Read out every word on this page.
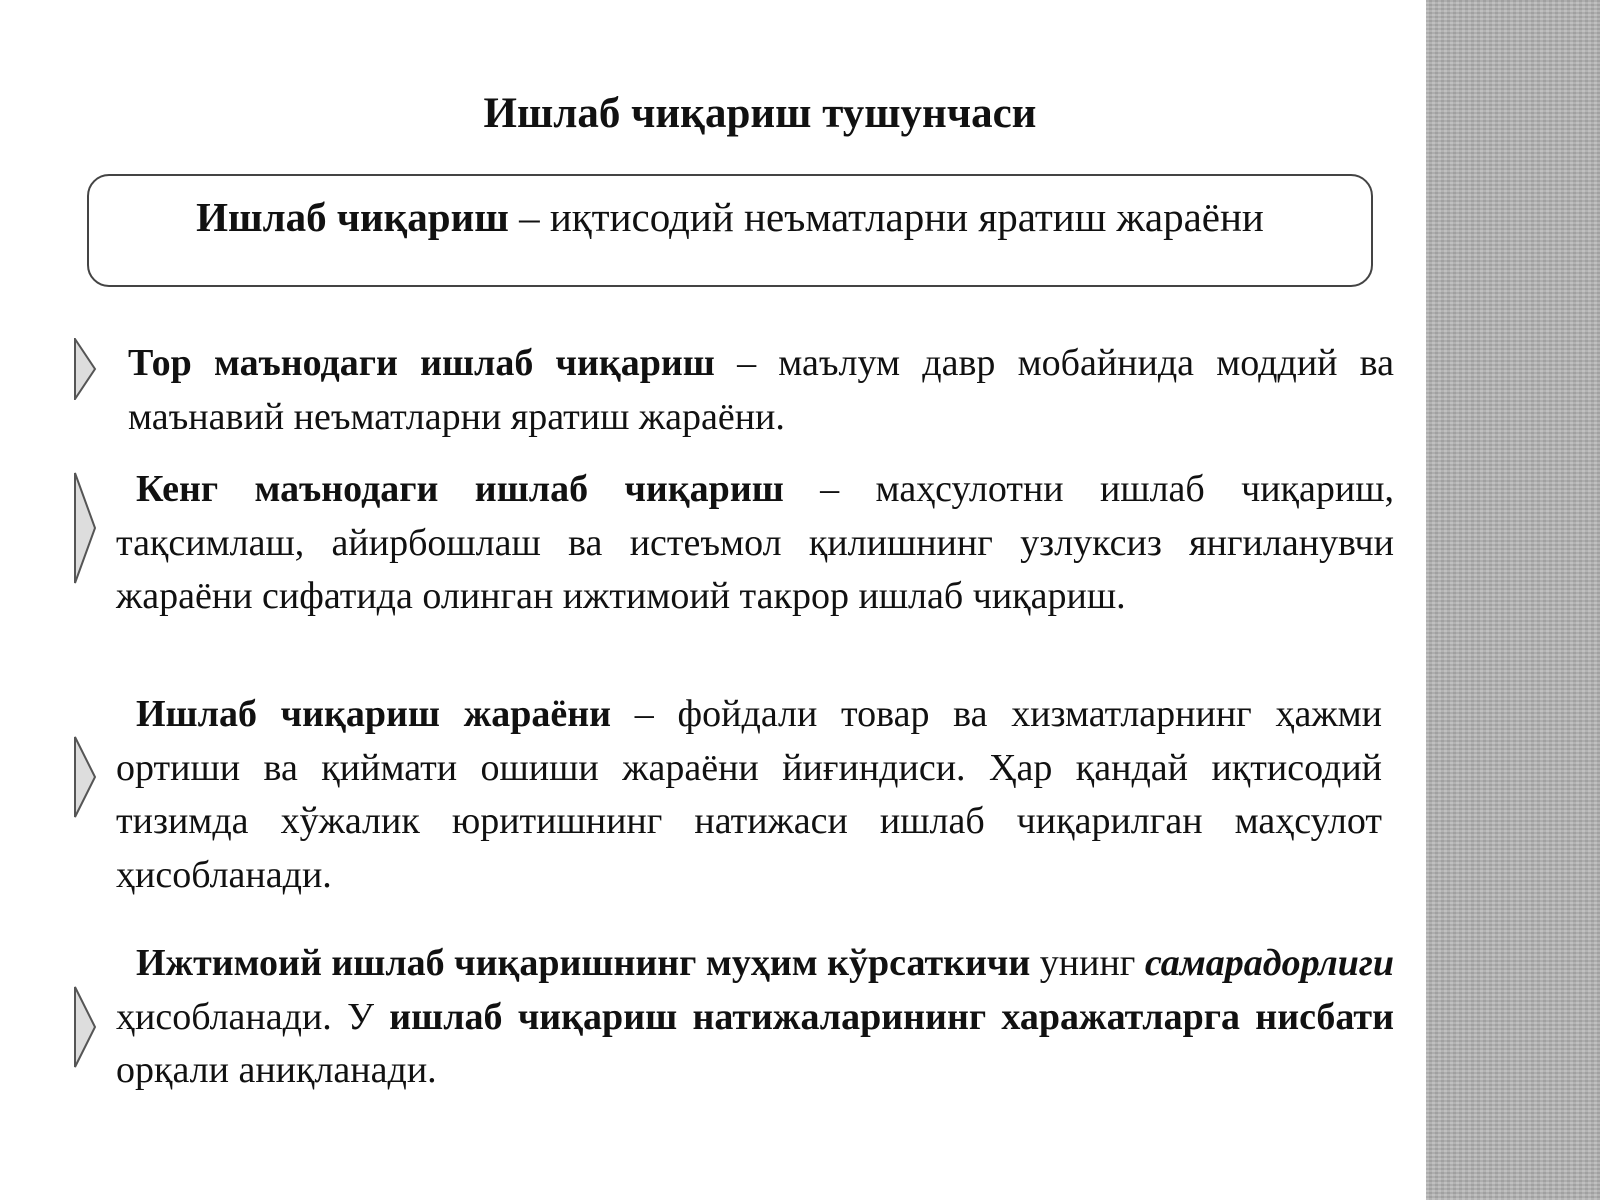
Ишлаб чиқариш тушунчаси
Ишлаб чиқариш – иқтисодий неъматларни яратиш жараёни

Тор маънодаги ишлаб чиқариш – маълум давр мобайнида моддий ва маънавий неъматларни яратиш жараёни.

Кенг маънодаги ишлаб чиқариш – маҳсулотни ишлаб чиқариш, тақсимлаш, айирбошлаш ва истеъмол қилишнинг узлуксиз янгиланувчи жараёни сифатида олинган ижтимоий такрор ишлаб чиқариш.

Ишлаб чиқариш жараёни – фойдали товар ва хизматларнинг ҳажми ортиши ва қиймати ошиши жараёни йиғиндиси. Ҳар қандай иқтисодий тизимда хўжалик юритишнинг натижаси ишлаб чиқарилган маҳсулот ҳисобланади.

Ижтимоий ишлаб чиқаришнинг муҳим кўрсаткичи унинг самарадорлиги ҳисобланади. У ишлаб чиқариш натижаларининг харажатларга нисбати орқали аниқланади.
